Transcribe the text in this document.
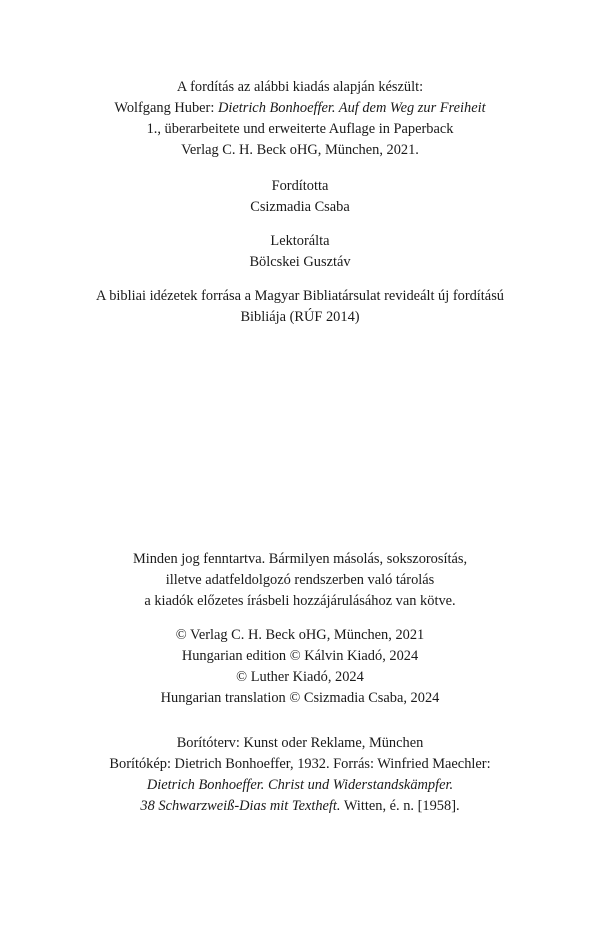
A fordítás az alábbi kiadás alapján készült:
Wolfgang Huber: Dietrich Bonhoeffer. Auf dem Weg zur Freiheit
1., überarbeitete und erweiterte Auflage in Paperback
Verlag C. H. Beck oHG, München, 2021.
Fordította
Csizmadia Csaba
Lektorálta
Bölcskei Gusztáv
A bibliai idézetek forrása a Magyar Bibliatársulat revideált új fordítású
Bibliája (RÚF 2014)
Minden jog fenntartva. Bármilyen másolás, sokszorosítás,
illetve adatfeldolgozó rendszerben való tárolás
a kiadók előzetes írásbeli hozzájárulásához van kötve.
© Verlag C. H. Beck oHG, München, 2021
Hungarian edition © Kálvin Kiadó, 2024
© Luther Kiadó, 2024
Hungarian translation © Csizmadia Csaba, 2024
Borítóterv: Kunst oder Reklame, München
Borítókép: Dietrich Bonhoeffer, 1932. Forrás: Winfried Maechler:
Dietrich Bonhoeffer. Christ und Widerstandskämpfer.
38 Schwarzweiß-Dias mit Textheft. Witten, é. n. [1958].
